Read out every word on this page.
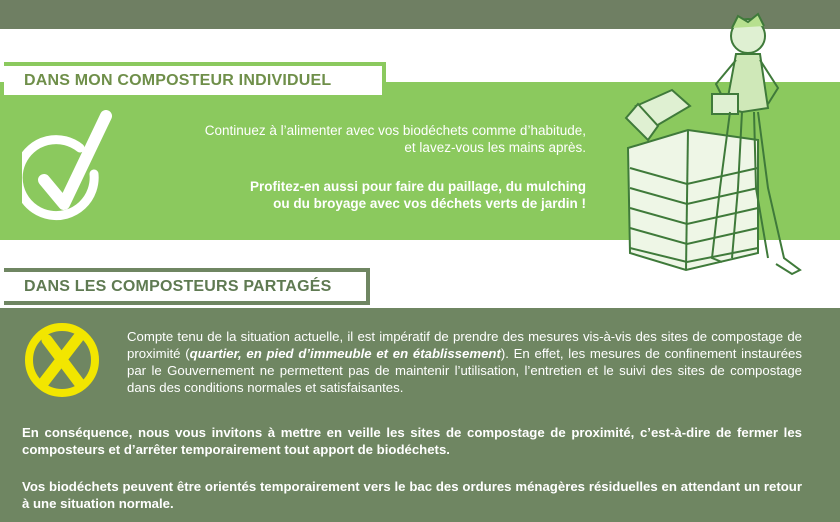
DANS MON COMPOSTEUR INDIVIDUEL

Continuez à l’alimenter avec vos biodéchets comme d’habitude,
et lavez-vous les mains après.

Profitez-en aussi pour faire du paillage, du mulching
ou du broyage avec vos déchets verts de jardin !

DANS LES COMPOSTEURS PARTAGÉS

Compte tenu de la situation actuelle, il est impératif de prendre des mesures vis-à-vis des sites de compostage de proximité (quartier, en pied d’immeuble et en établissement). En effet, les mesures de confinement instaurées par le Gouvernement ne permettent pas de maintenir l’utilisation, l’entretien et le suivi des sites de compostage dans des conditions normales et satisfaisantes.

En conséquence, nous vous invitons à mettre en veille les sites de compostage de proximité, c’est-à-dire de fermer les composteurs et d’arrêter temporairement tout apport de biodéchets.

Vos biodéchets peuvent être orientés temporairement vers le bac des ordures ménagères résiduelles en attendant un retour à une situation normale.
